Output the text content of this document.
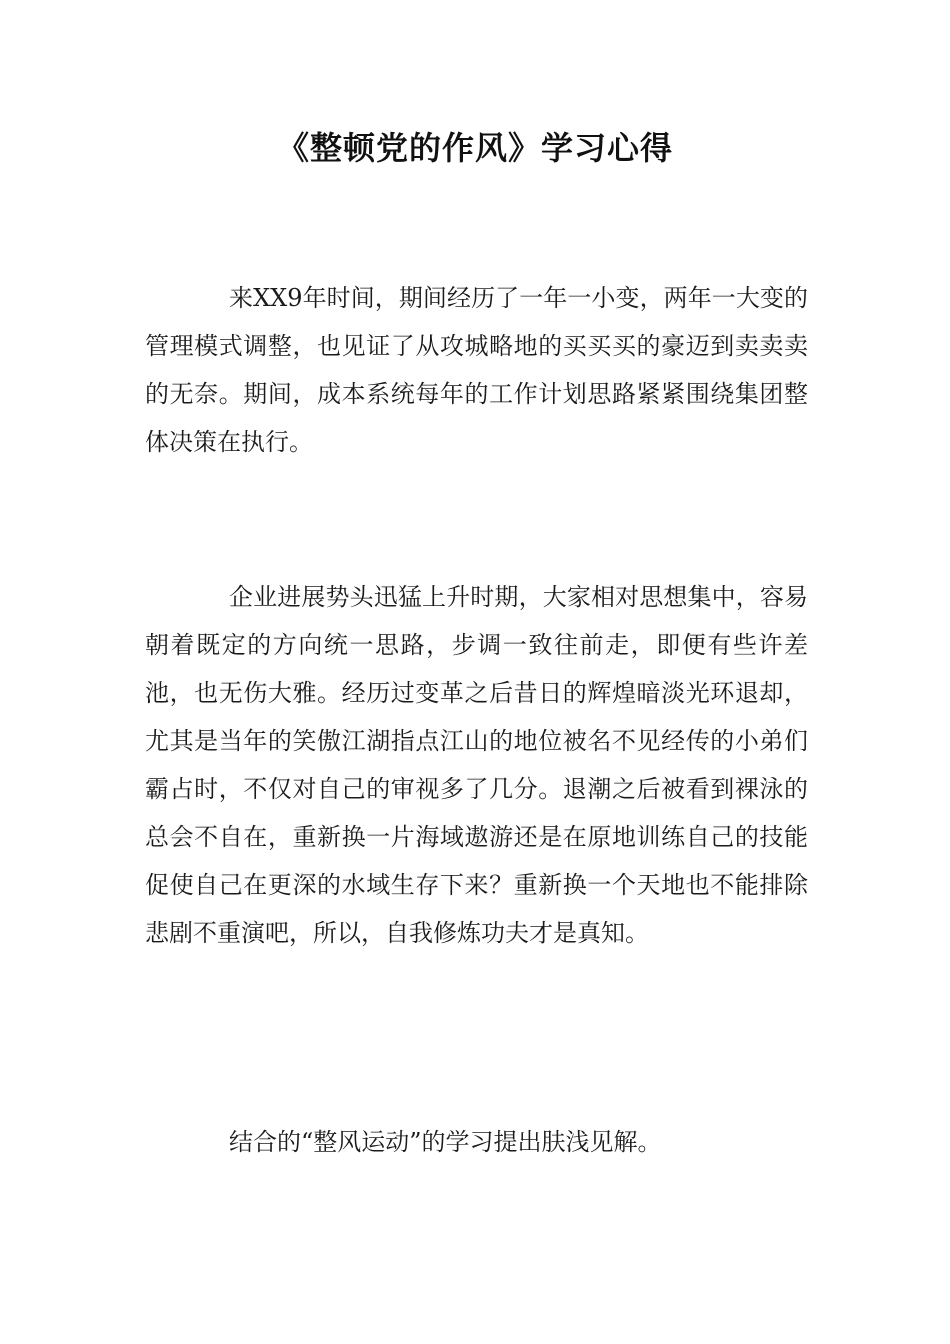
《整顿党的作风》学习心得

来XX9年时间，期间经历了一年一小变，两年一大变的管理模式调整，也见证了从攻城略地的买买买的豪迈到卖卖卖的无奈。期间，成本系统每年的工作计划思路紧紧围绕集团整体决策在执行。

企业进展势头迅猛上升时期，大家相对思想集中，容易朝着既定的方向统一思路，步调一致往前走，即便有些许差池，也无伤大雅。经历过变革之后昔日的辉煌暗淡光环退却，尤其是当年的笑傲江湖指点江山的地位被名不见经传的小弟们霸占时，不仅对自己的审视多了几分。退潮之后被看到裸泳的总会不自在，重新换一片海域遨游还是在原地训练自己的技能促使自己在更深的水域生存下来？重新换一个天地也不能排除悲剧不重演吧，所以，自我修炼功夫才是真知。

结合的“整风运动”的学习提出肤浅见解。
